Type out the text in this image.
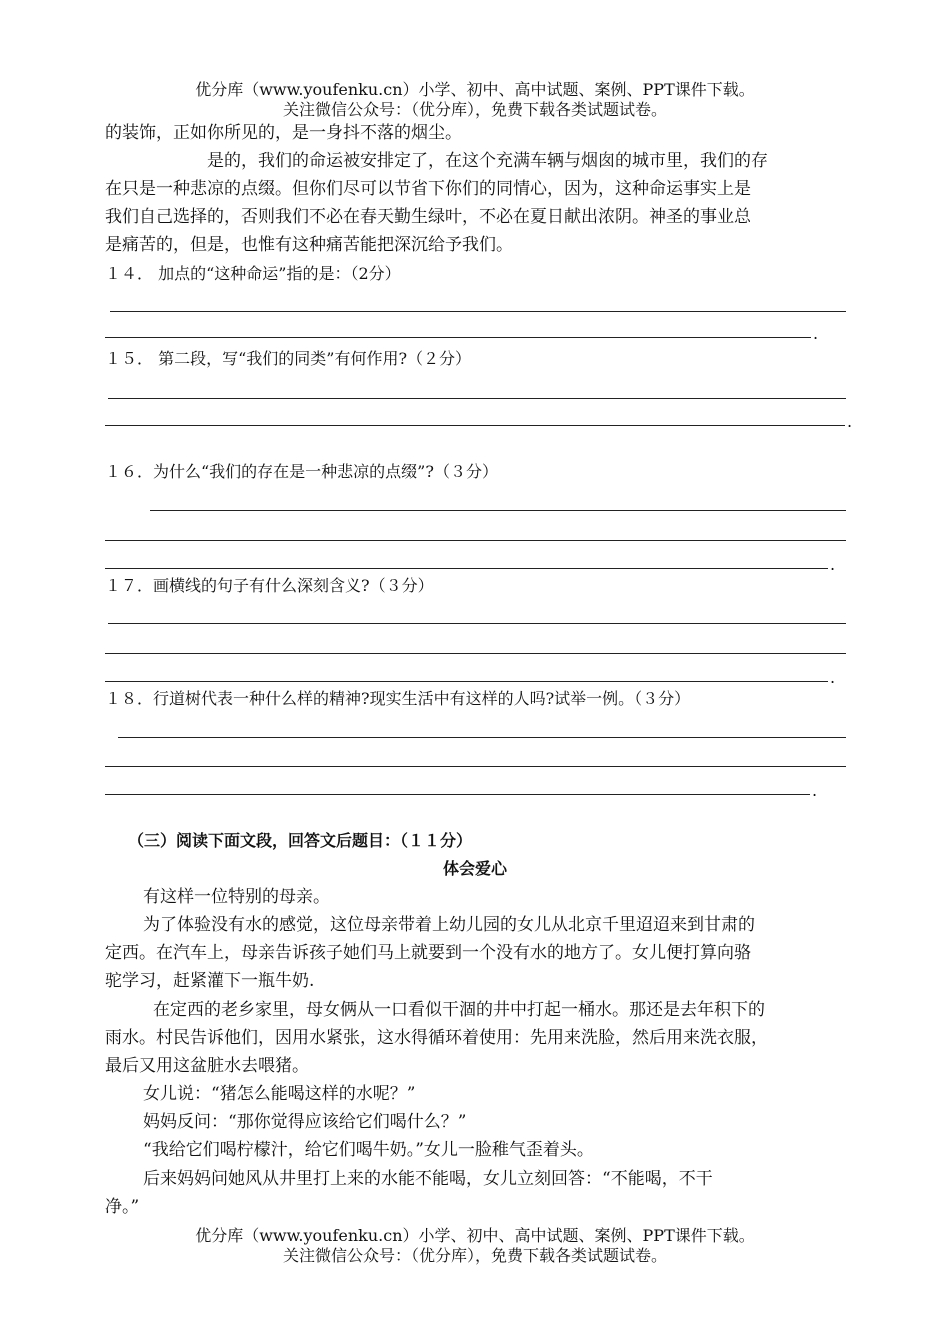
优分库（www.youfenku.cn）小学、初中、高中试题、案例、PPT课件下载。
关注微信公众号：（优分库），免费下载各类试题试卷。
的装饰，正如你所见的，是一身抖不落的烟尘。
是的，我们的命运被安排定了，在这个充满车辆与烟囱的城市里，我们的存
在只是一种悲凉的点缀。但你们尽可以节省下你们的同情心，因为，这种命运事实上是
我们自己选择的，否则我们不必在春天勤生绿叶，不必在夏日献出浓阴。神圣的事业总
是痛苦的，但是，也惟有这种痛苦能把深沉给予我们。
１４． 加点的“这种命运”指的是：（2分）
.
１５． 第二段，写“我们的同类”有何作用?（２分）
.
１６．为什么“我们的存在是一种悲凉的点缀”?（３分）
.
１７．画横线的句子有什么深刻含义?（３分）
.
１８．行道树代表一种什么样的精神?现实生活中有这样的人吗?试举一例。（３分）
.
（三）阅读下面文段，回答文后题目：（１１分）
体会爱心
有这样一位特别的母亲。
为了体验没有水的感觉，这位母亲带着上幼儿园的女儿从北京千里迢迢来到甘肃的
定西。在汽车上，母亲告诉孩子她们马上就要到一个没有水的地方了。女儿便打算向骆
驼学习，赶紧灌下一瓶牛奶.
在定西的老乡家里，母女俩从一口看似干涸的井中打起一桶水。那还是去年积下的
雨水。村民告诉他们，因用水紧张，这水得循环着使用：先用来洗脸，然后用来洗衣服，
最后又用这盆脏水去喂猪。
女儿说：“猪怎么能喝这样的水呢？”
妈妈反问：“那你觉得应该给它们喝什么？”
“我给它们喝柠檬汁，给它们喝牛奶。”女儿一脸稚气歪着头。
后来妈妈问她风从井里打上来的水能不能喝，女儿立刻回答：“不能喝，不干
净。”
优分库（www.youfenku.cn）小学、初中、高中试题、案例、PPT课件下载。
关注微信公众号：（优分库），免费下载各类试题试卷。
